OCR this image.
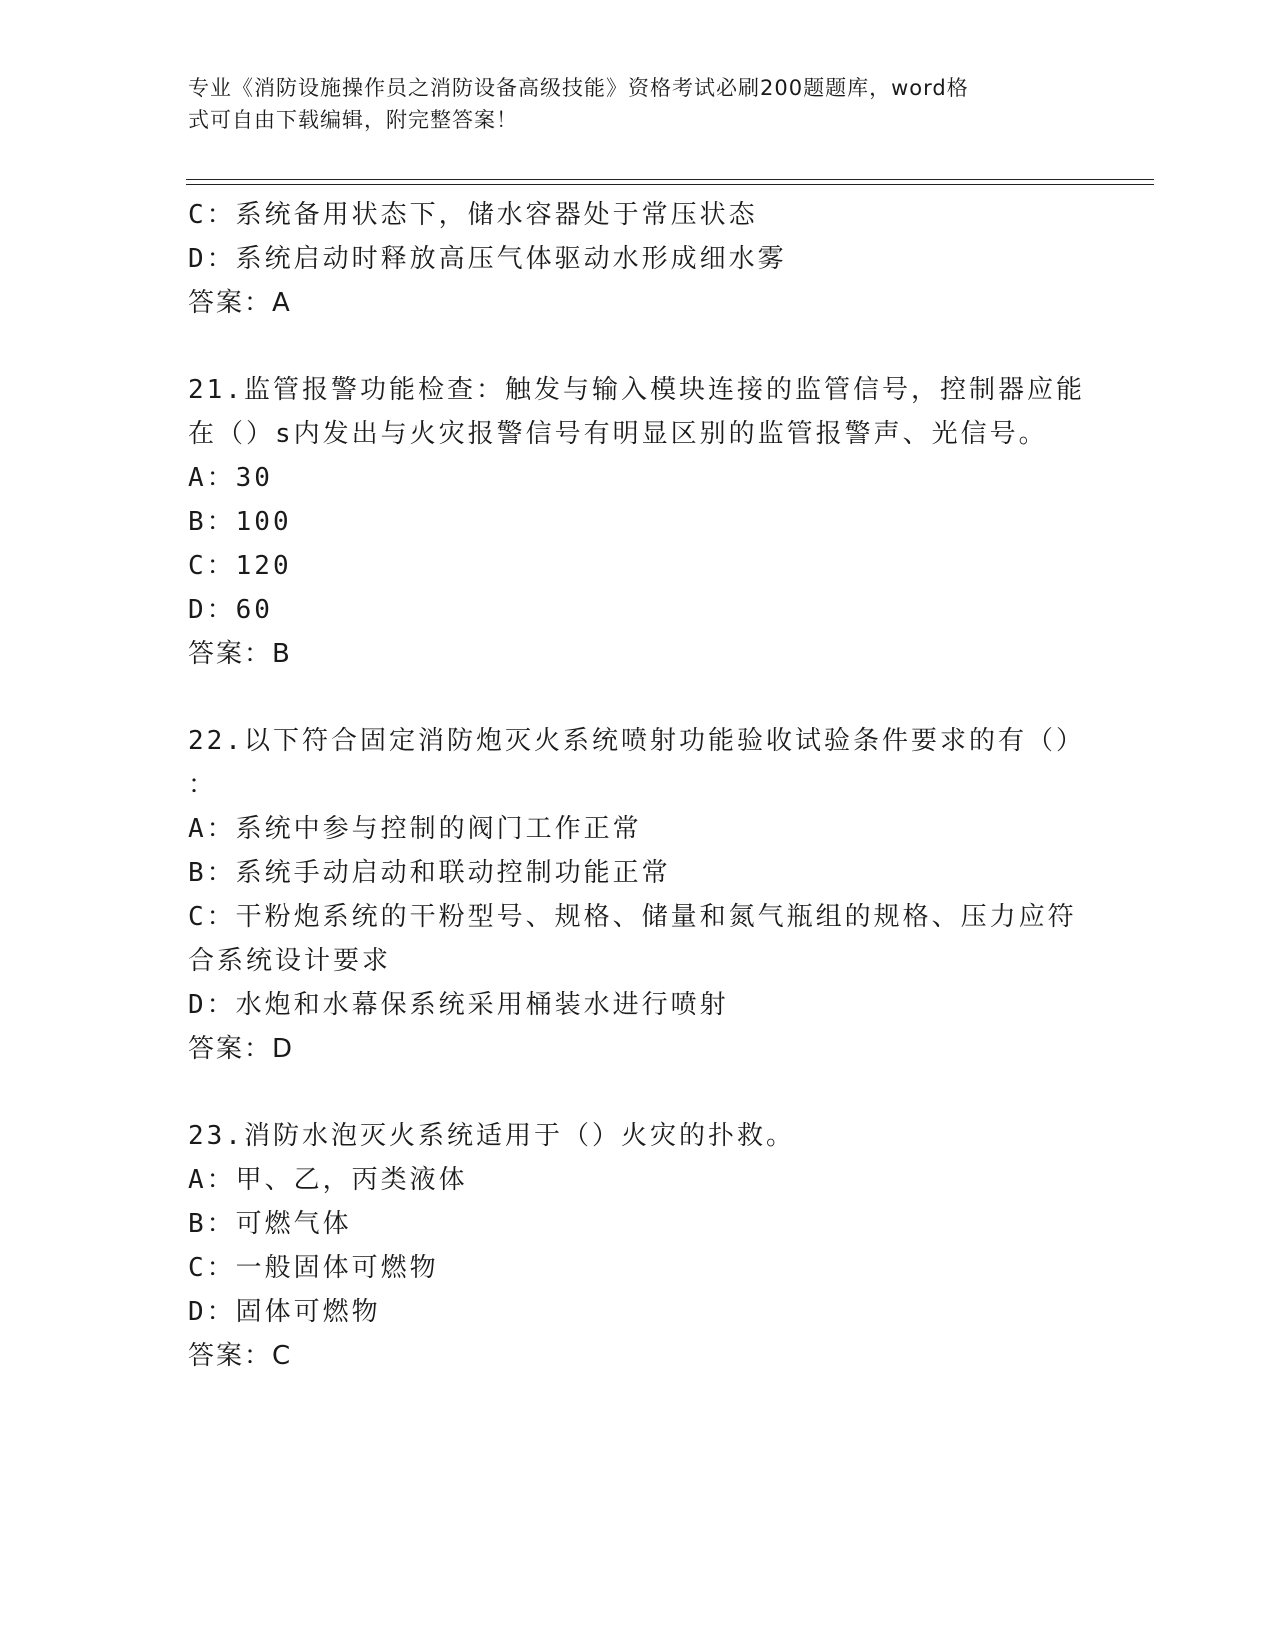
专业《消防设施操作员之消防设备高级技能》资格考试必刷200题题库，word格
式可自由下载编辑，附完整答案！
C：系统备用状态下，储水容器处于常压状态
D：系统启动时释放高压气体驱动水形成细水雾
答案：A
21.监管报警功能检查：触发与输入模块连接的监管信号，控制器应能
在（）s内发出与火灾报警信号有明显区别的监管报警声、光信号。
A：30
B：100
C：120
D：60
答案：B
22.以下符合固定消防炮灭火系统喷射功能验收试验条件要求的有（）
：
A：系统中参与控制的阀门工作正常
B：系统手动启动和联动控制功能正常
C：干粉炮系统的干粉型号、规格、储量和氮气瓶组的规格、压力应符
合系统设计要求
D：水炮和水幕保系统采用桶装水进行喷射
答案：D
23.消防水泡灭火系统适用于（）火灾的扑救。
A：甲、乙，丙类液体
B：可燃气体
C：一般固体可燃物
D：固体可燃物
答案：C
